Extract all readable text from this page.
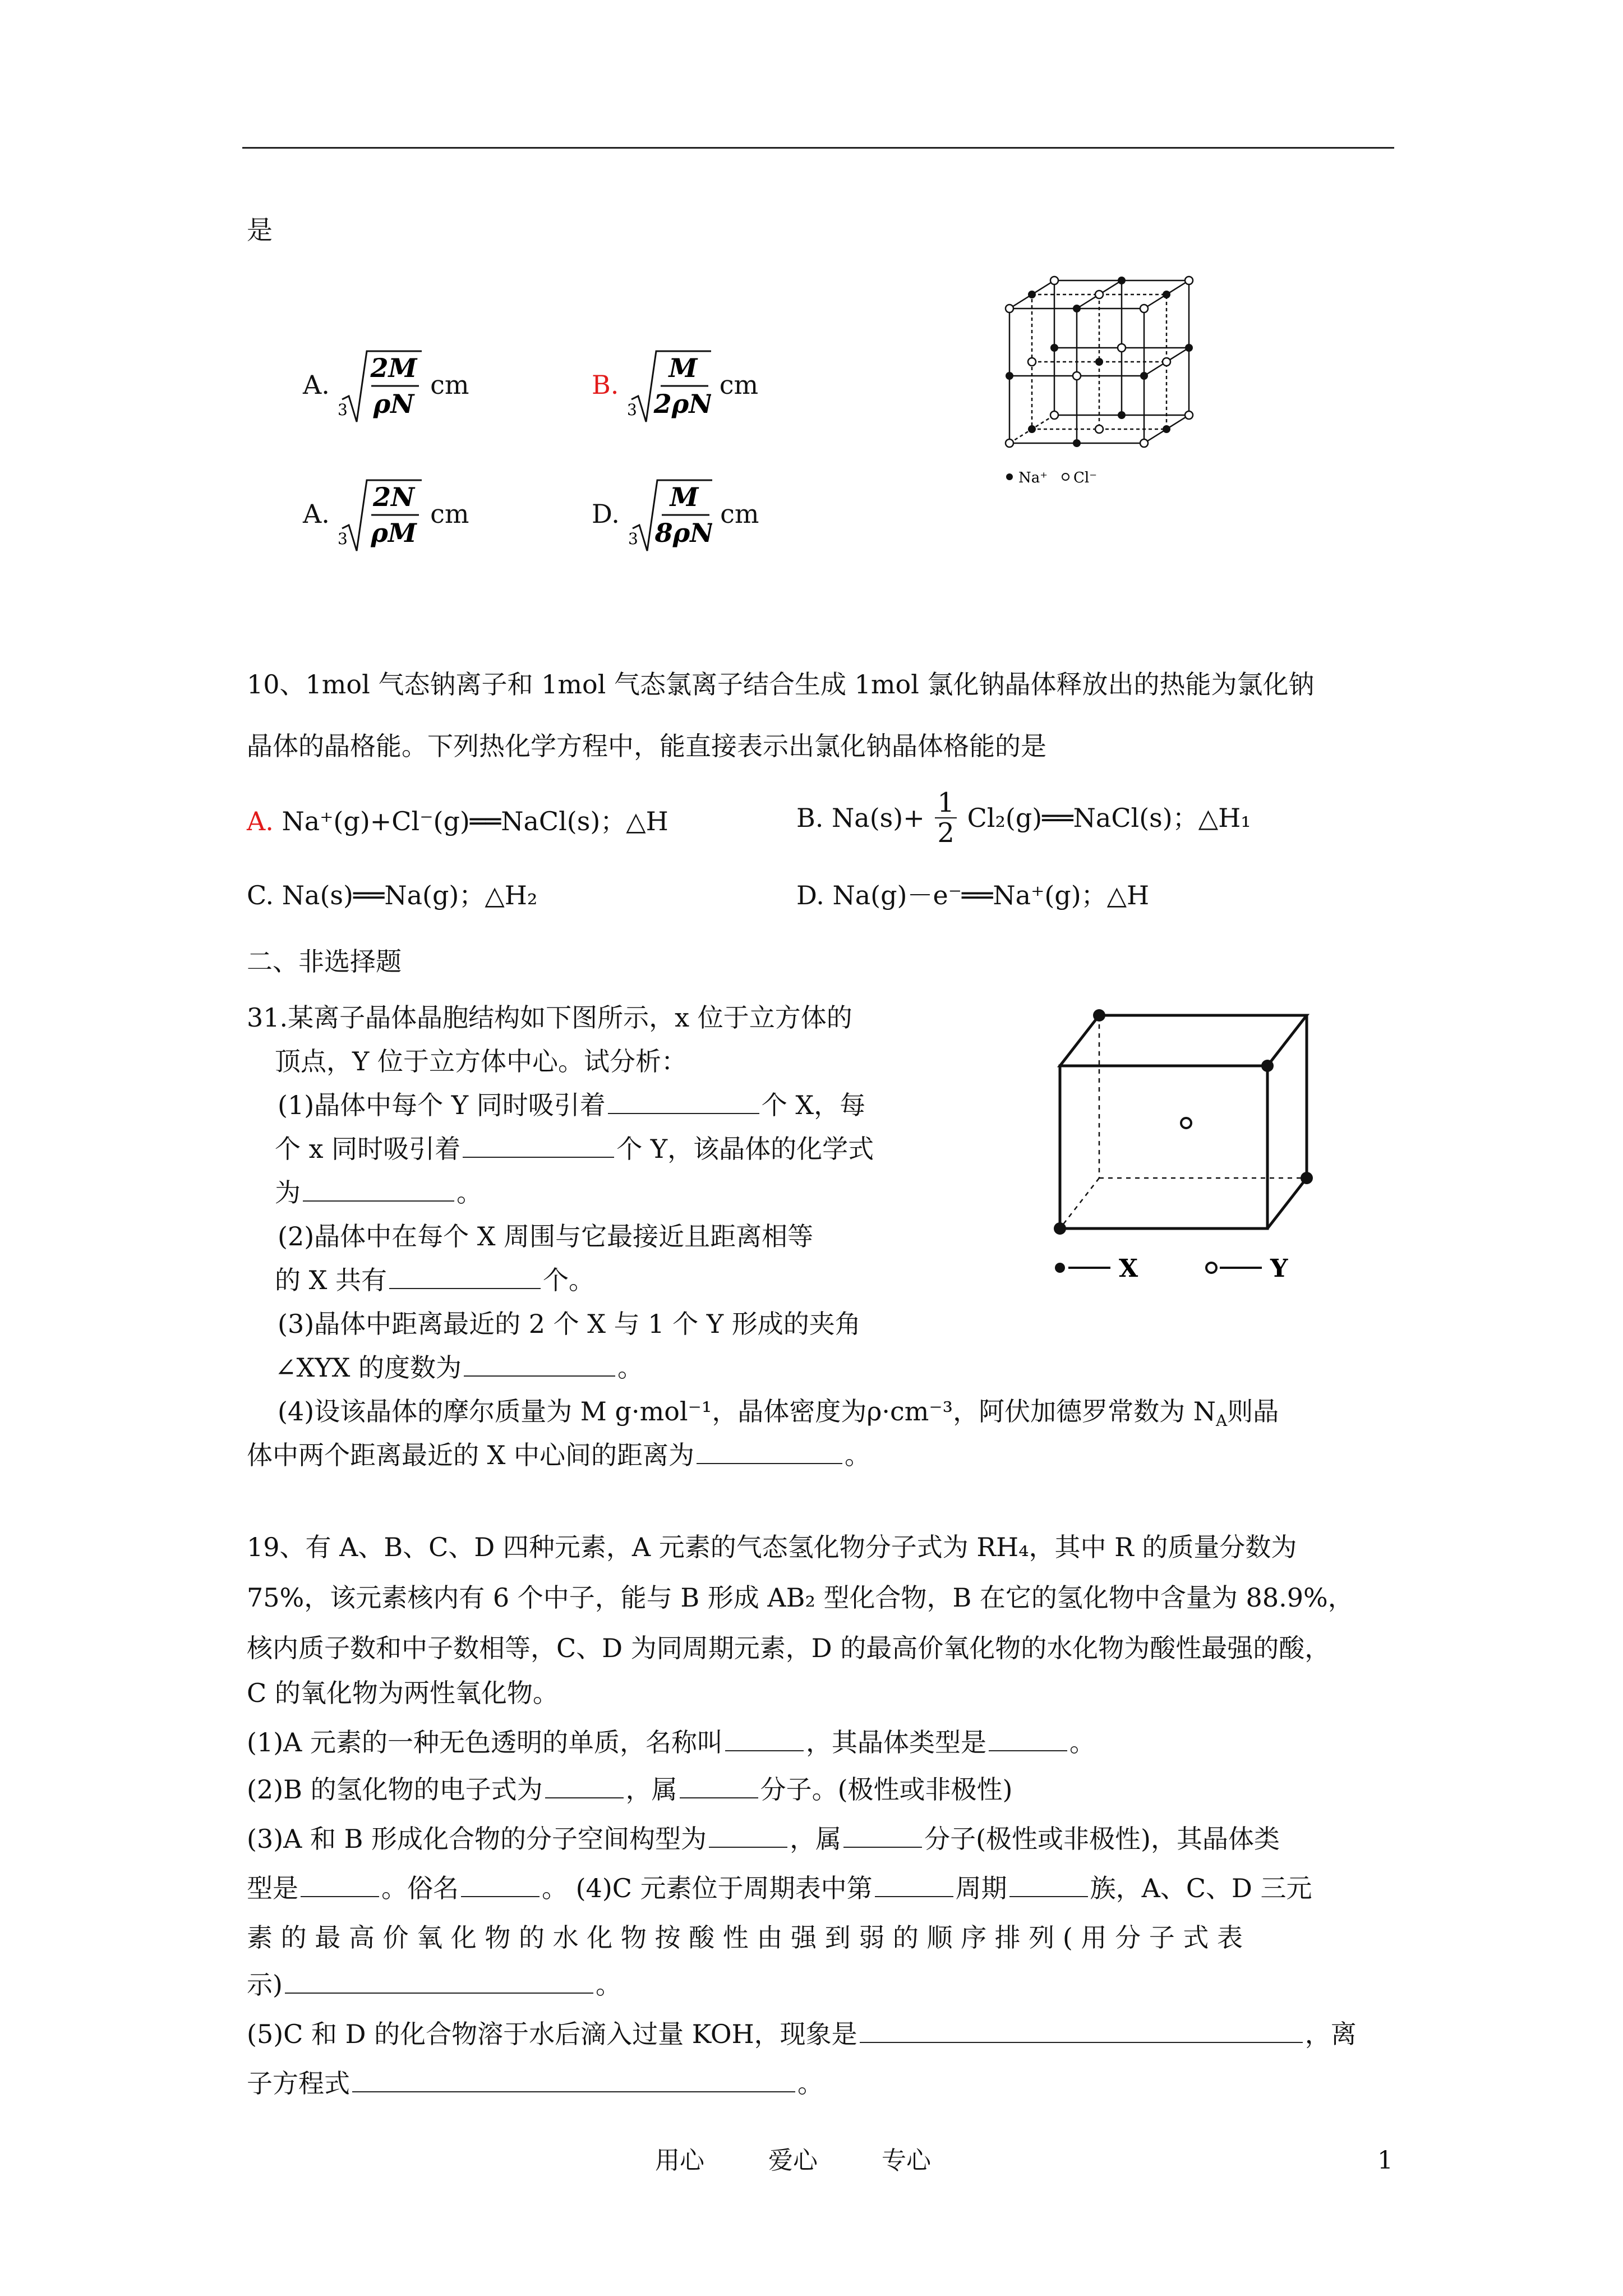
是
A.
3
2M
ρN
cm	B.
3
M
2ρN
cm
A.
3
2N
ρM
cm	D.
3
M
8ρN
cm
Na⁺ Cl⁻
10、1mol 气态钠离子和 1mol 气态氯离子结合生成 1mol 氯化钠晶体释放出的热能为氯化钠
晶体的晶格能。下列热化学方程中，能直接表示出氯化钠晶体格能的是
A. Na⁺(g)+Cl⁻(g)══NaCl(s)；△H	B. $Na(s)+ \frac{1}{2}$ Cl₂(g)══NaCl(s)；△H₁
C. Na(s)══Na(g)；△H₂	D. Na(g)－e⁻══Na⁺(g)；△H
二、非选择题
31.某离子晶体晶胞结构如下图所示，x 位于立方体的
顶点，Y 位于立方体中心。试分析：
(1)晶体中每个 Y 同时吸引着	个 X，每
个 x 同时吸引着	个 Y，该晶体的化学式
为	。
(2)晶体中在每个 X 周围与它最接近且距离相等
的 X 共有	个。
(3)晶体中距离最近的 2 个 X 与 1 个 Y 形成的夹角
∠XYX 的度数为	。
(4)设该晶体的摩尔质量为 M g·mol⁻¹，晶体密度为ρ·cm⁻³，阿伏加德罗常数为 $N_A$则晶
体中两个距离最近的 X 中心间的距离为	。
X	Y
19、有 A、B、C、D 四种元素，A 元素的气态氢化物分子式为 RH₄，其中 R 的质量分数为
75%，该元素核内有 6 个中子，能与 B 形成 AB₂ 型化合物，B 在它的氢化物中含量为 88.9%，
核内质子数和中子数相等，C、D 为同周期元素，D 的最高价氧化物的水化物为酸性最强的酸，
C 的氧化物为两性氧化物。
(1)A 元素的一种无色透明的单质，名称叫	，其晶体类型是	。
(2)B 的氢化物的电子式为	，属	分子。(极性或非极性)
(3)A 和 B 形成化合物的分子空间构型为	，属	分子(极性或非极性)，其晶体类
型是	。俗名	。 (4)C 元素位于周期表中第	周期	族，A、C、D 三元
素 的 最 高 价 氧 化 物 的 水 化 物 按 酸 性 由 强 到 弱 的 顺 序 排 列 ( 用 分 子 式 表
示)	。
(5)C 和 D 的化合物溶于水后滴入过量 KOH，现象是	，离
子方程式	。
用心	爱心	专心	1
